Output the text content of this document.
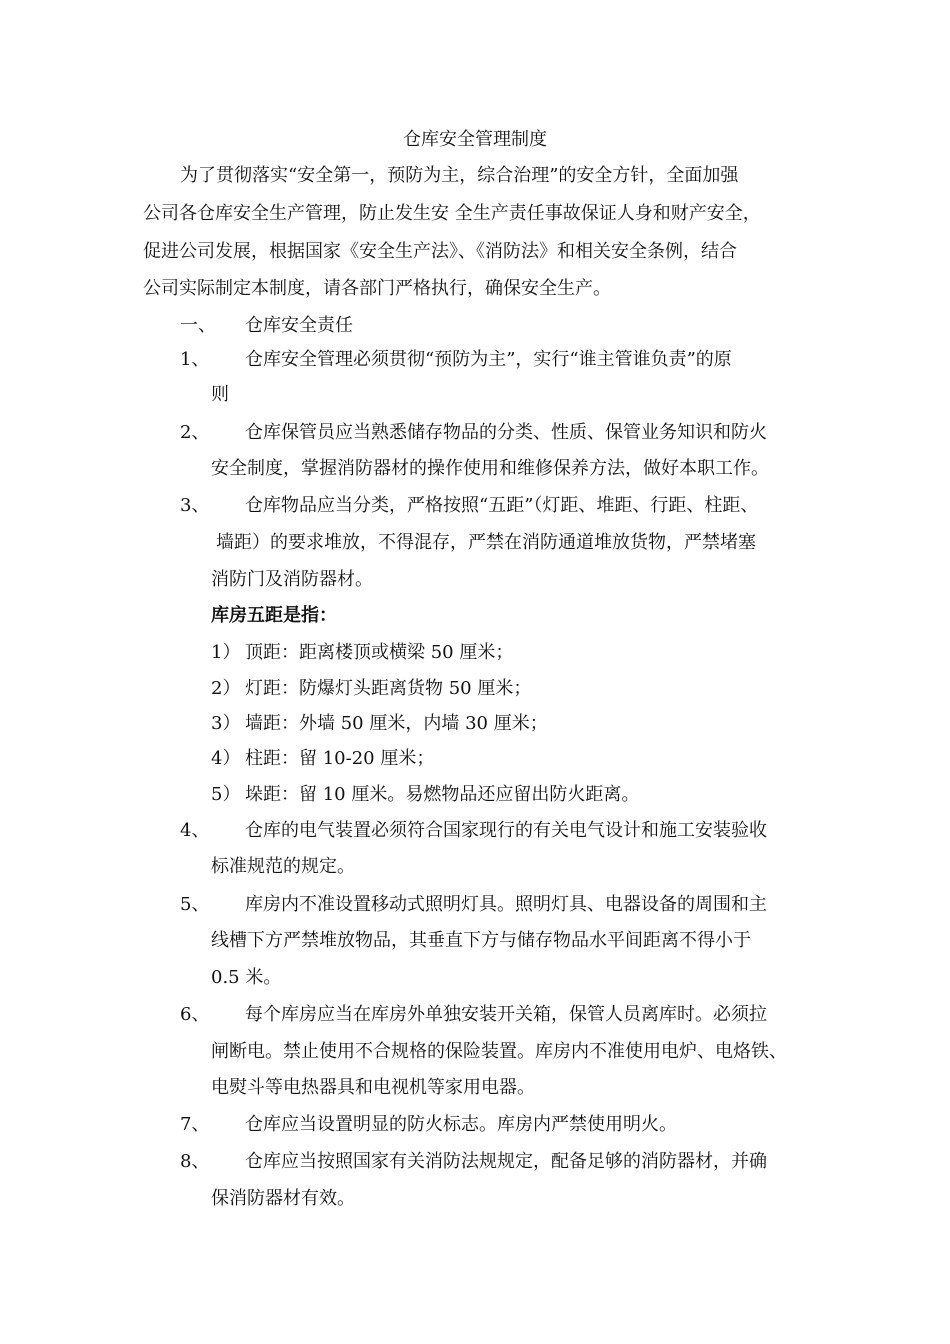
仓库安全管理制度
为了贯彻落实“安全第一，预防为主，综合治理”的安全方针，全面加强
公司各仓库安全生产管理，防止发生安 全生产责任事故保证人身和财产安全，
促进公司发展，根据国家《安全生产法》、《消防法》和相关安全条例，结合
公司实际制定本制度，请各部门严格执行，确保安全生产。
一、 仓库安全责任
1、 仓库安全管理必须贯彻“预防为主”，实行“谁主管谁负责”的原
则
2、 仓库保管员应当熟悉储存物品的分类、性质、保管业务知识和防火
安全制度，掌握消防器材的操作使用和维修保养方法，做好本职工作。
3、 仓库物品应当分类，严格按照“五距”（灯距、堆距、行距、柱距、
墙距）的要求堆放，不得混存，严禁在消防通道堆放货物，严禁堵塞
消防门及消防器材。
库房五距是指：
1） 顶距：距离楼顶或横梁 50 厘米；
2） 灯距：防爆灯头距离货物 50 厘米；
3） 墙距：外墙 50 厘米，内墙 30 厘米；
4） 柱距：留 10-20 厘米；
5） 垛距：留 10 厘米。易燃物品还应留出防火距离。
4、 仓库的电气装置必须符合国家现行的有关电气设计和施工安装验收
标准规范的规定。
5、 库房内不准设置移动式照明灯具。照明灯具、电器设备的周围和主
线槽下方严禁堆放物品，其垂直下方与储存物品水平间距离不得小于
0.5 米。
6、 每个库房应当在库房外单独安装开关箱，保管人员离库时。必须拉
闸断电。禁止使用不合规格的保险装置。库房内不准使用电炉、电烙铁、
电熨斗等电热器具和电视机等家用电器。
7、 仓库应当设置明显的防火标志。库房内严禁使用明火。
8、 仓库应当按照国家有关消防法规规定，配备足够的消防器材，并确
保消防器材有效。
